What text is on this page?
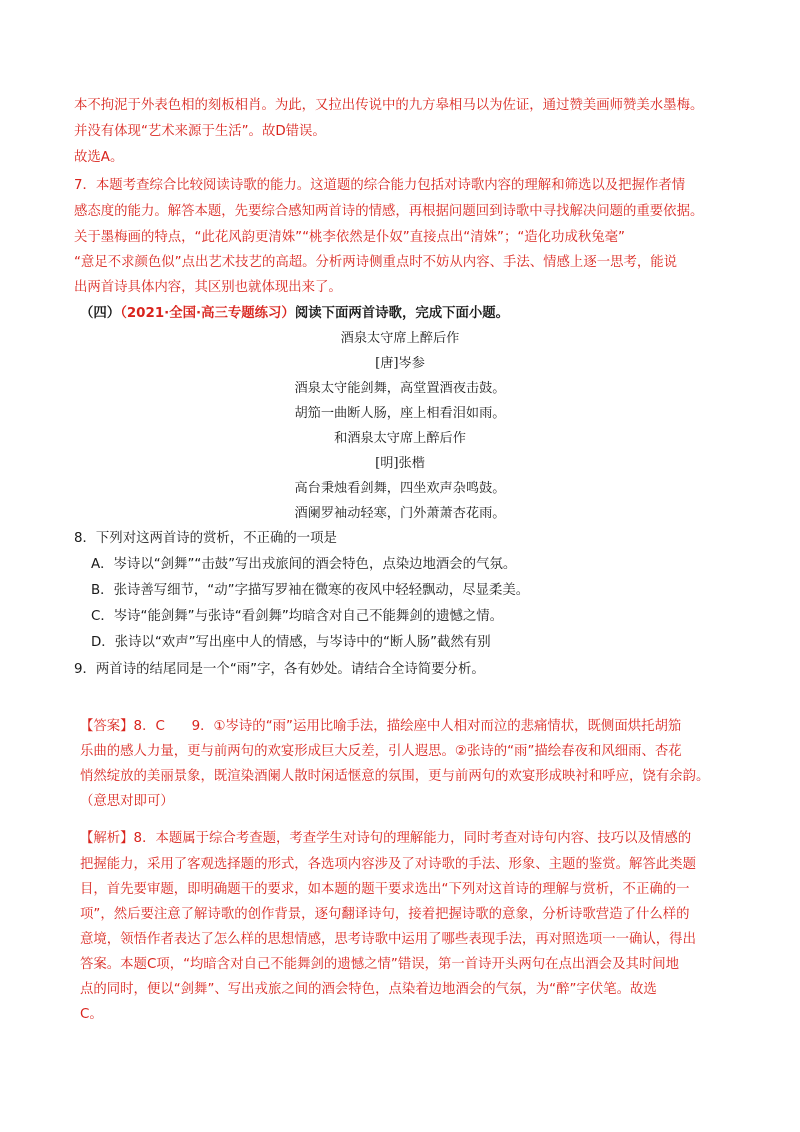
本不拘泥于外表色相的刻板相肖。为此，又拉出传说中的九方皋相马以为佐证，通过赞美画师赞美水墨梅。
并没有体现“艺术来源于生活”。故D错误。
故选A。
7．本题考查综合比较阅读诗歌的能力。这道题的综合能力包括对诗歌内容的理解和筛选以及把握作者情
感态度的能力。解答本题，先要综合感知两首诗的情感，再根据问题回到诗歌中寻找解决问题的重要依据。
关于墨梅画的特点，“此花风韵更清姝”“桃李依然是仆奴”直接点出“清姝”；“造化功成秋兔毫”
“意足不求颜色似”点出艺术技艺的高超。分析两诗侧重点时不妨从内容、手法、情感上逐一思考，能说
出两首诗具体内容，其区别也就体现出来了。
（四）（2021·全国·高三专题练习）阅读下面两首诗歌，完成下面小题。
酒泉太守席上醉后作
[唐]岑参
酒泉太守能剑舞，高堂置酒夜击鼓。
胡笳一曲断人肠，座上相看泪如雨。
和酒泉太守席上醉后作
[明]张楷
高台秉烛看剑舞，四坐欢声杂鸣鼓。
酒阑罗袖动轻寒，门外萧萧杏花雨。
8．下列对这两首诗的赏析，不正确的一项是
A．岑诗以“剑舞”“击鼓”写出戎旅间的酒会特色，点染边地酒会的气氛。
B．张诗善写细节，“动”字描写罗袖在微寒的夜风中轻轻飘动，尽显柔美。
C．岑诗“能剑舞”与张诗“看剑舞”均暗含对自己不能舞剑的遗憾之情。
D．张诗以“欢声”写出座中人的情感，与岑诗中的“断人肠”截然有别
9．两首诗的结尾同是一个“雨”字，各有妙处。请结合全诗简要分析。
【答案】8．C　　9．①岑诗的“雨”运用比喻手法，描绘座中人相对而泣的悲痛情状，既侧面烘托胡笳
乐曲的感人力量，更与前两句的欢宴形成巨大反差，引人遐思。②张诗的“雨”描绘春夜和风细雨、杏花
悄然绽放的美丽景象，既渲染酒阑人散时闲适惬意的氛围，更与前两句的欢宴形成映衬和呼应，饶有余韵。
（意思对即可）
【解析】8．本题属于综合考查题，考查学生对诗句的理解能力，同时考查对诗句内容、技巧以及情感的
把握能力，采用了客观选择题的形式，各选项内容涉及了对诗歌的手法、形象、主题的鉴赏。解答此类题
目，首先要审题，即明确题干的要求，如本题的题干要求选出“下列对这首诗的理解与赏析，不正确的一
项”，然后要注意了解诗歌的创作背景，逐句翻译诗句，接着把握诗歌的意象，分析诗歌营造了什么样的
意境，领悟作者表达了怎么样的思想情感，思考诗歌中运用了哪些表现手法，再对照选项一一确认，得出
答案。本题C项，“均暗含对自己不能舞剑的遗憾之情”错误，第一首诗开头两句在点出酒会及其时间地
点的同时，便以“剑舞”、写出戎旅之间的酒会特色，点染着边地酒会的气氛，为“醉”字伏笔。故选
C。
